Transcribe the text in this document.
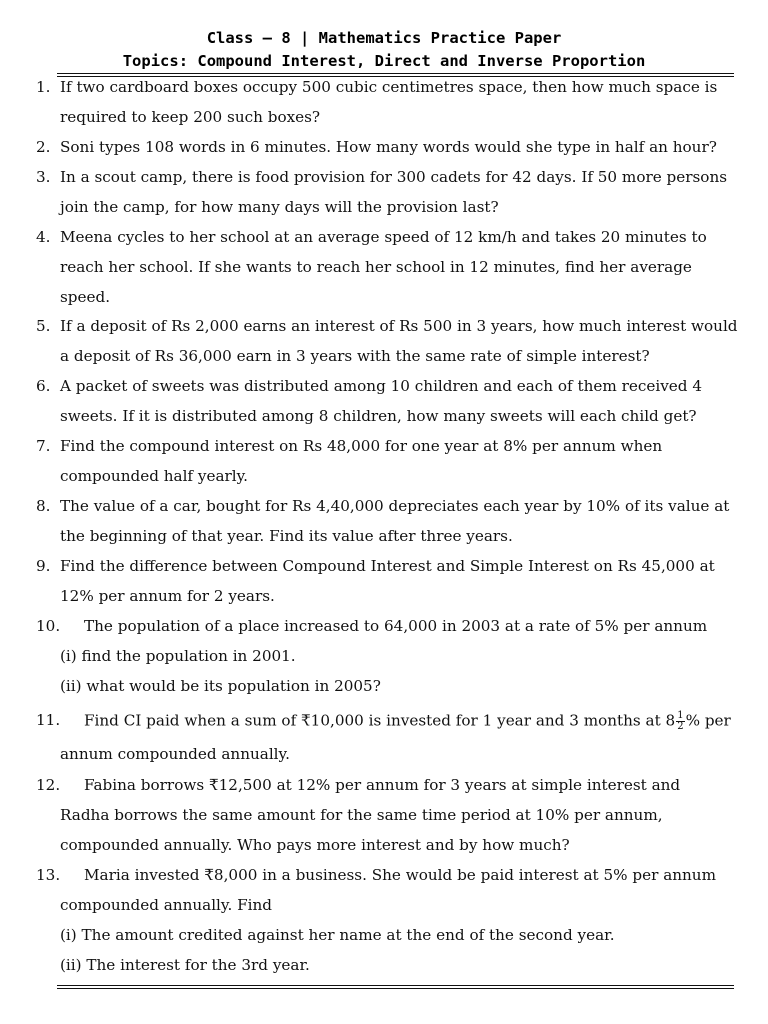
Class – 8 | Mathematics Practice Paper
Topics: Compound Interest, Direct and Inverse Proportion
1. If two cardboard boxes occupy 500 cubic centimetres space, then how much space is
required to keep 200 such boxes?
2. Soni types 108 words in 6 minutes. How many words would she type in half an hour?
3. In a scout camp, there is food provision for 300 cadets for 42 days. If 50 more persons
join the camp, for how many days will the provision last?
4. Meena cycles to her school at an average speed of 12 km/h and takes 20 minutes to
reach her school. If she wants to reach her school in 12 minutes, find her average
speed.
5. If a deposit of Rs 2,000 earns an interest of Rs 500 in 3 years, how much interest would
a deposit of Rs 36,000 earn in 3 years with the same rate of simple interest?
6. A packet of sweets was distributed among 10 children and each of them received 4
sweets. If it is distributed among 8 children, how many sweets will each child get?
7. Find the compound interest on Rs 48,000 for one year at 8% per annum when
compounded half yearly.
8. The value of a car, bought for Rs 4,40,000 depreciates each year by 10% of its value at
the beginning of that year. Find its value after three years.
9. Find the difference between Compound Interest and Simple Interest on Rs 45,000 at
12% per annum for 2 years.
10. The population of a place increased to 64,000 in 2003 at a rate of 5% per annum
(i) find the population in 2001.
(ii) what would be its population in 2005?
11. Find CI paid when a sum of ₹10,000 is invested for 1 year and 3 months at $8 \frac{1}{2}$ % per
annum compounded annually.
12. Fabina borrows ₹12,500 at 12% per annum for 3 years at simple interest and
Radha borrows the same amount for the same time period at 10% per annum,
compounded annually. Who pays more interest and by how much?
13. Maria invested ₹8,000 in a business. She would be paid interest at 5% per annum
compounded annually. Find
(i) The amount credited against her name at the end of the second year.
(ii) The interest for the 3rd year.
